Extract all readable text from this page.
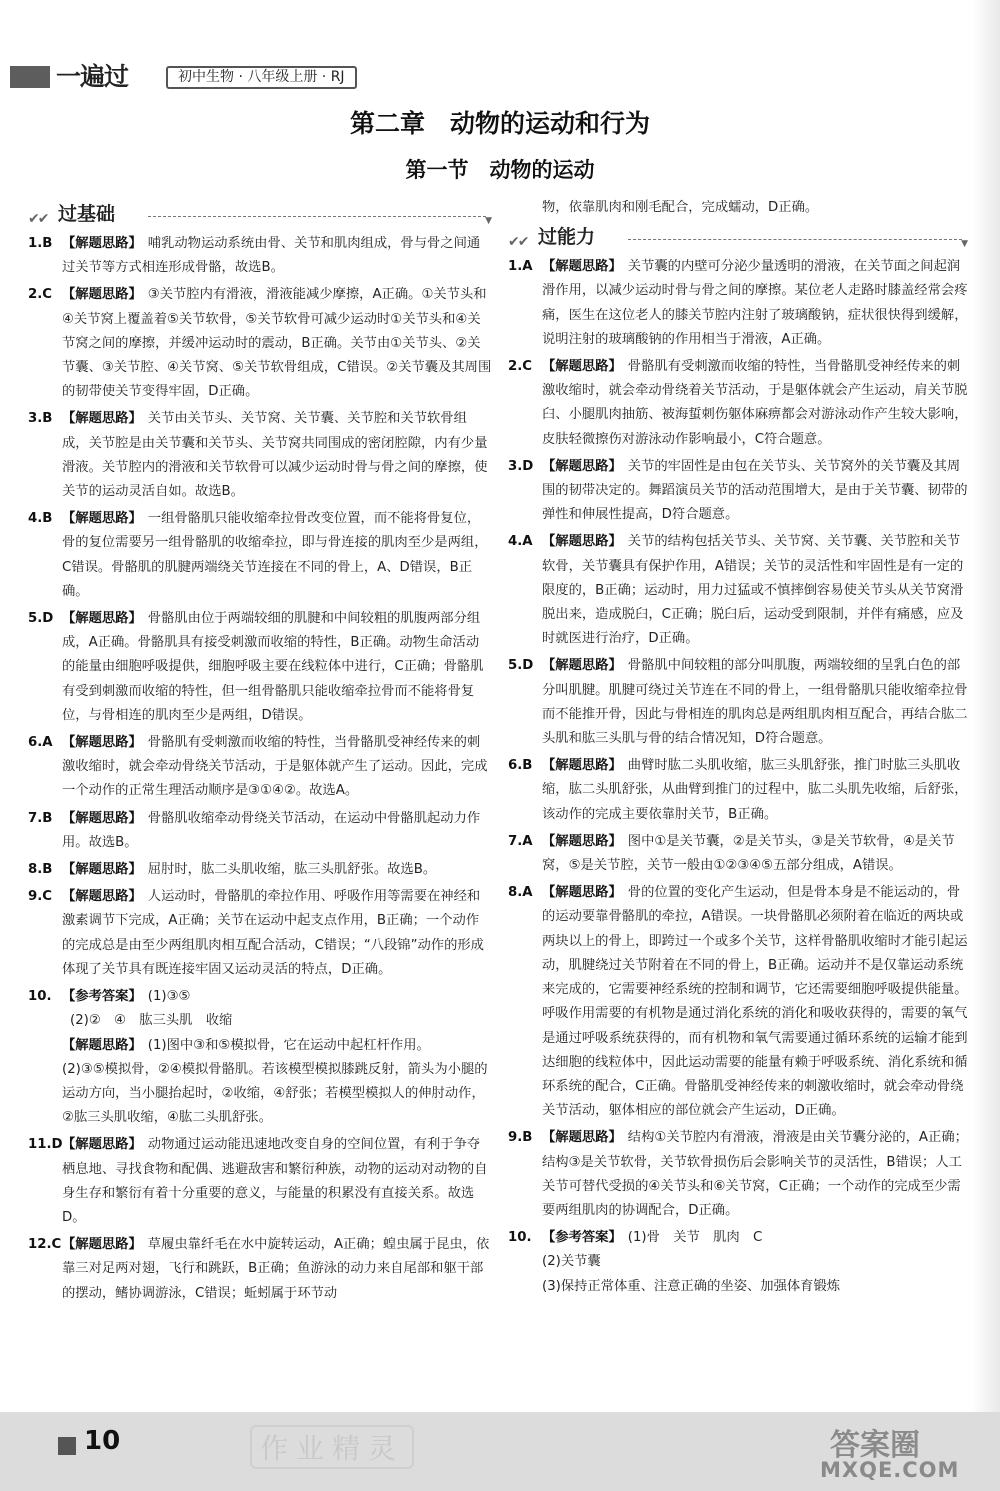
一遍过	初中生物 · 八年级上册 · RJ
第二章　动物的运动和行为
第一节　动物的运动
✔✔ 过基础	▼
1.B 【解题思路】 哺乳动物运动系统由骨、关节和肌肉组成，骨与骨之间通过关节等方式相连形成骨骼，故选B。
2.C 【解题思路】 ③关节腔内有滑液，滑液能减少摩擦，A正确。①关节头和④关节窝上覆盖着⑤关节软骨，⑤关节软骨可减少运动时①关节头和④关节窝之间的摩擦，并缓冲运动时的震动，B正确。关节由①关节头、②关节囊、③关节腔、④关节窝、⑤关节软骨组成，C错误。②关节囊及其周围的韧带使关节变得牢固，D正确。
3.B 【解题思路】 关节由关节头、关节窝、关节囊、关节腔和关节软骨组成，关节腔是由关节囊和关节头、关节窝共同围成的密闭腔隙，内有少量滑液。关节腔内的滑液和关节软骨可以减少运动时骨与骨之间的摩擦，使关节的运动灵活自如。故选B。
4.B 【解题思路】 一组骨骼肌只能收缩牵拉骨改变位置，而不能将骨复位，骨的复位需要另一组骨骼肌的收缩牵拉，即与骨连接的肌肉至少是两组，C错误。骨骼肌的肌腱两端绕关节连接在不同的骨上，A、D错误，B正确。
5.D 【解题思路】 骨骼肌由位于两端较细的肌腱和中间较粗的肌腹两部分组成，A正确。骨骼肌具有接受刺激而收缩的特性，B正确。动物生命活动的能量由细胞呼吸提供，细胞呼吸主要在线粒体中进行，C正确；骨骼肌有受到刺激而收缩的特性，但一组骨骼肌只能收缩牵拉骨而不能将骨复位，与骨相连的肌肉至少是两组，D错误。
6.A 【解题思路】 骨骼肌有受刺激而收缩的特性，当骨骼肌受神经传来的刺激收缩时，就会牵动骨绕关节活动，于是躯体就产生了运动。因此，完成一个动作的正常生理活动顺序是③①④②。故选A。
7.B 【解题思路】 骨骼肌收缩牵动骨绕关节活动，在运动中骨骼肌起动力作用。故选B。
8.B 【解题思路】 屈肘时，肱二头肌收缩，肱三头肌舒张。故选B。
9.C 【解题思路】 人运动时，骨骼肌的牵拉作用、呼吸作用等需要在神经和激素调节下完成，A正确；关节在运动中起支点作用，B正确；一个动作的完成总是由至少两组肌肉相互配合活动，C错误；“八段锦”动作的形成体现了关节具有既连接牢固又运动灵活的特点，D正确。
10. 【参考答案】 (1)③⑤
(2)②　④　肱三头肌　收缩
【解题思路】 (1)图中③和⑤模拟骨，它在运动中起杠杆作用。
(2)③⑤模拟骨，②④模拟骨骼肌。若该模型模拟膝跳反射，箭头为小腿的运动方向，当小腿抬起时，②收缩，④舒张；若模型模拟人的伸肘动作，②肱三头肌收缩，④肱二头肌舒张。
11.D 【解题思路】 动物通过运动能迅速地改变自身的空间位置，有利于争夺栖息地、寻找食物和配偶、逃避敌害和繁衍种族，动物的运动对动物的自身生存和繁衍有着十分重要的意义，与能量的积累没有直接关系。故选D。
12.C 【解题思路】 草履虫靠纤毛在水中旋转运动，A正确；蝗虫属于昆虫，依靠三对足两对翅，飞行和跳跃，B正确；鱼游泳的动力来自尾部和躯干部的摆动，鳍协调游泳，C错误；蚯蚓属于环节动
物，依靠肌肉和刚毛配合，完成蠕动，D正确。
✔✔ 过能力	▼
1.A 【解题思路】 关节囊的内壁可分泌少量透明的滑液，在关节面之间起润滑作用，以减少运动时骨与骨之间的摩擦。某位老人走路时膝盖经常会疼痛，医生在这位老人的膝关节腔内注射了玻璃酸钠，症状很快得到缓解，说明注射的玻璃酸钠的作用相当于滑液，A正确。
2.C 【解题思路】 骨骼肌有受刺激而收缩的特性，当骨骼肌受神经传来的刺激收缩时，就会牵动骨绕着关节活动，于是躯体就会产生运动，肩关节脱臼、小腿肌肉抽筋、被海蜇刺伤躯体麻痹都会对游泳动作产生较大影响，皮肤轻微擦伤对游泳动作影响最小，C符合题意。
3.D 【解题思路】 关节的牢固性是由包在关节头、关节窝外的关节囊及其周围的韧带决定的。舞蹈演员关节的活动范围增大，是由于关节囊、韧带的弹性和伸展性提高，D符合题意。
4.A 【解题思路】 关节的结构包括关节头、关节窝、关节囊、关节腔和关节软骨，关节囊具有保护作用，A错误；关节的灵活性和牢固性是有一定的限度的，B正确；运动时，用力过猛或不慎摔倒容易使关节头从关节窝滑脱出来，造成脱臼，C正确；脱臼后，运动受到限制，并伴有痛感，应及时就医进行治疗，D正确。
5.D 【解题思路】 骨骼肌中间较粗的部分叫肌腹，两端较细的呈乳白色的部分叫肌腱。肌腱可绕过关节连在不同的骨上，一组骨骼肌只能收缩牵拉骨而不能推开骨，因此与骨相连的肌肉总是两组肌肉相互配合，再结合肱二头肌和肱三头肌与骨的结合情况知，D符合题意。
6.B 【解题思路】 曲臂时肱二头肌收缩，肱三头肌舒张，推门时肱三头肌收缩，肱二头肌舒张，从曲臂到推门的过程中，肱二头肌先收缩，后舒张，该动作的完成主要依靠肘关节，B正确。
7.A 【解题思路】 图中①是关节囊，②是关节头，③是关节软骨，④是关节窝，⑤是关节腔，关节一般由①②③④⑤五部分组成，A错误。
8.A 【解题思路】 骨的位置的变化产生运动，但是骨本身是不能运动的，骨的运动要靠骨骼肌的牵拉，A错误。一块骨骼肌必须附着在临近的两块或两块以上的骨上，即跨过一个或多个关节，这样骨骼肌收缩时才能引起运动，肌腱绕过关节附着在不同的骨上，B正确。运动并不是仅靠运动系统来完成的，它需要神经系统的控制和调节，它还需要细胞呼吸提供能量。呼吸作用需要的有机物是通过消化系统的消化和吸收获得的，需要的氧气是通过呼吸系统获得的，而有机物和氧气需要通过循环系统的运输才能到达细胞的线粒体中，因此运动需要的能量有赖于呼吸系统、消化系统和循环系统的配合，C正确。骨骼肌受神经传来的刺激收缩时，就会牵动骨绕关节活动，躯体相应的部位就会产生运动，D正确。
9.B 【解题思路】 结构①关节腔内有滑液，滑液是由关节囊分泌的，A正确；结构③是关节软骨，关节软骨损伤后会影响关节的灵活性，B错误；人工关节可替代受损的④关节头和⑥关节窝，C正确；一个动作的完成至少需要两组肌肉的协调配合，D正确。
10. 【参考答案】 (1)骨　关节　肌肉　C
(2)关节囊
(3)保持正常体重、注意正确的坐姿、加强体育锻炼
10	作业精灵	答案圈
MXQE.COM
